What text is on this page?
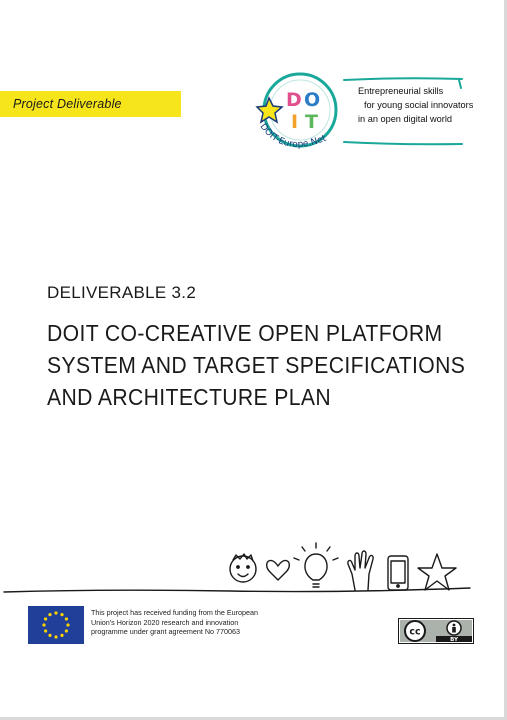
Project Deliverable	D O
I T
DOIT-Europe.Net
Entrepreneurial skills
for young social innovators
in an open digital world
DELIVERABLE 3.2
DOIT CO-CREATIVE OPEN PLATFORM
SYSTEM AND TARGET SPECIFICATIONS
AND ARCHITECTURE PLAN
This project has received funding from the European
Union's Horizon 2020 research and innovation
programme under grant agreement No 770063	cc
BY
